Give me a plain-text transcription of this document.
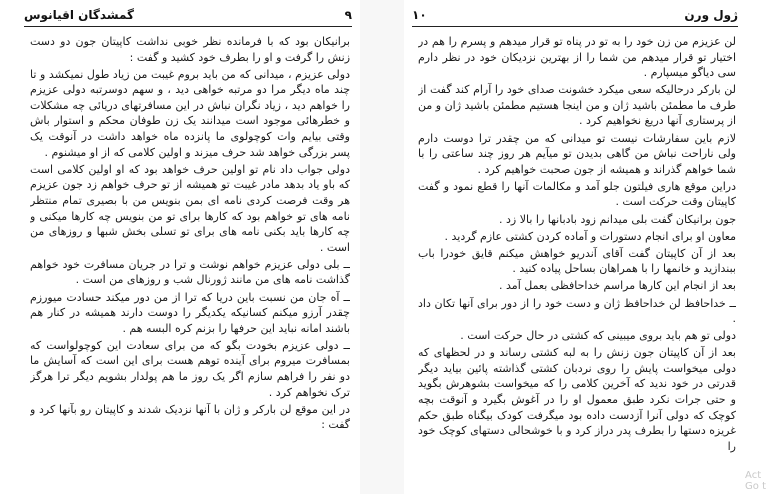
۹
گمشدگان اقیانوس

برانیکان بود که با فرمانده نظر خوبی نداشت کاپیتان جون دو دست زنش را گرفت و او را بطرف خود کشید و گفت :

دولی عزیزم ، میدانی که من باید بروم غیبت من زیاد طول نمیکشد و تا چند ماه دیگر مرا دو مرتبه خواهی دید ، و سهم دوسرتبه دولی عزیزم را خواهم دید ، زیاد نگران نباش در این مسافرتهای دریائی چه مشکلات و خطرهائی موجود است میدانند یک زن طوفان محکم و استوار باش وقتی بیایم وات کوچولوی ما پانزده ماه خواهد داشت در آنوقت یک پسر بزرگی خواهد شد حرف میزند و اولین کلامی که از او میشنوم .

دولی جواب داد نام تو اولین حرف خواهد بود که او اولین کلامی است که باو یاد بدهد مادر غیبت تو همیشه از تو حرف خواهم زد جون عزیزم هر وقت فرصت کردی نامه ای بمن بنویس من با بصیری تمام منتظر نامه های تو خواهم بود که کارها برای تو من بنویس چه کارها میکنی و چه کارها باید بکنی نامه های برای تو تسلی بخش شبها و روزهای من است .

ــ بلی دولی عزیزم خواهم نوشت و ترا در جریان مسافرت خود خواهم گذاشت نامه های من مانند ژورنال شب و روزهای من است .

ــ آه جان من نسبت باین دریا که ترا از من دور میکند حسادت میورزم چقدر آرزو میکنم کسانیکه یکدیگر را دوست دارند همیشه در کنار هم باشند امانه نباید این حرفها را بزنم کره البسه هم .

ــ دولی عزیزم بخودت بگو که من برای سعادت این کوچولواست که بمسافرت میروم برای آینده توهم هست برای این است که آسایش ما دو نفر را فراهم سازم اگر یک روز ما هم پولدار بشویم دیگر ترا هرگز ترک نخواهم کرد .

در این موقع لن بارکر و ژان با آنها نزدیک شدند و کاپیتان رو بآنها کرد و گفت :

۱۰	ژول ورن

لن عزیزم من زن خود را به تو در پناه تو قرار میدهم و پسرم را هم در اختیار تو قرار میدهم من شما را از بهترین نزدیکان خود در نظر دارم سی دیاگو میسپارم .

لن بارکر درحالیکه سعی میکرد خشونت صدای خود را آرام کند گفت از طرف ما مطمئن باشید ژان و من اینجا هستیم مطمئن باشید ژان و من از پرستاری آنها دریغ نخواهیم کرد .

لازم باین سفارشات نیست تو میدانی که من چقدر ترا دوست دارم ولی ناراحت نباش من گاهی بدیدن تو میآیم هر روز چند ساعتی را با شما خواهم گذراند و همیشه از جون صحبت خواهیم کرد .

دراین موقع هاری فیلتون جلو آمد و مکالمات آنها را قطع نمود و گفت کاپیتان وقت حرکت است .

جون برانیکان گفت بلی میدانم زود بادبانها را بالا زد .

معاون او برای انجام دستورات و آماده کردن کشتی عازم گردید .

بعد از آن کاپیتان گفت آقای آندریو خواهش میکنم قایق خودرا باب ببندازید و خانمها را با همراهان بساحل پیاده کنید .

بعد از انجام این کارها مراسم خداحافظی بعمل آمد .

ــ خداحافظ لن خداحافظ ژان و دست خود را از دور برای آنها تکان داد .

دولی تو هم باید بروی میبینی که کشتی در حال حرکت است .

بعد از آن کاپیتان جون زنش را به لبه کشتی رساند و در لحظهای که دولی میخواست پایش را روی نردبان کشتی گذاشته پائین بیاید دیگر قدرتی در خود ندید که آخرین کلامی را که میخواست بشوهرش بگوید و حتی جرات نکرد طبق معمول او را در آغوش بگیرد و آنوقت بچه کوچک که دولی آنرا آزدست داده بود میگرفت کودک بیگناه طبق حکم غریزه دستها را بطرف پدر دراز کرد و با خوشحالی دستهای کوچک خود را

Act
Go t
